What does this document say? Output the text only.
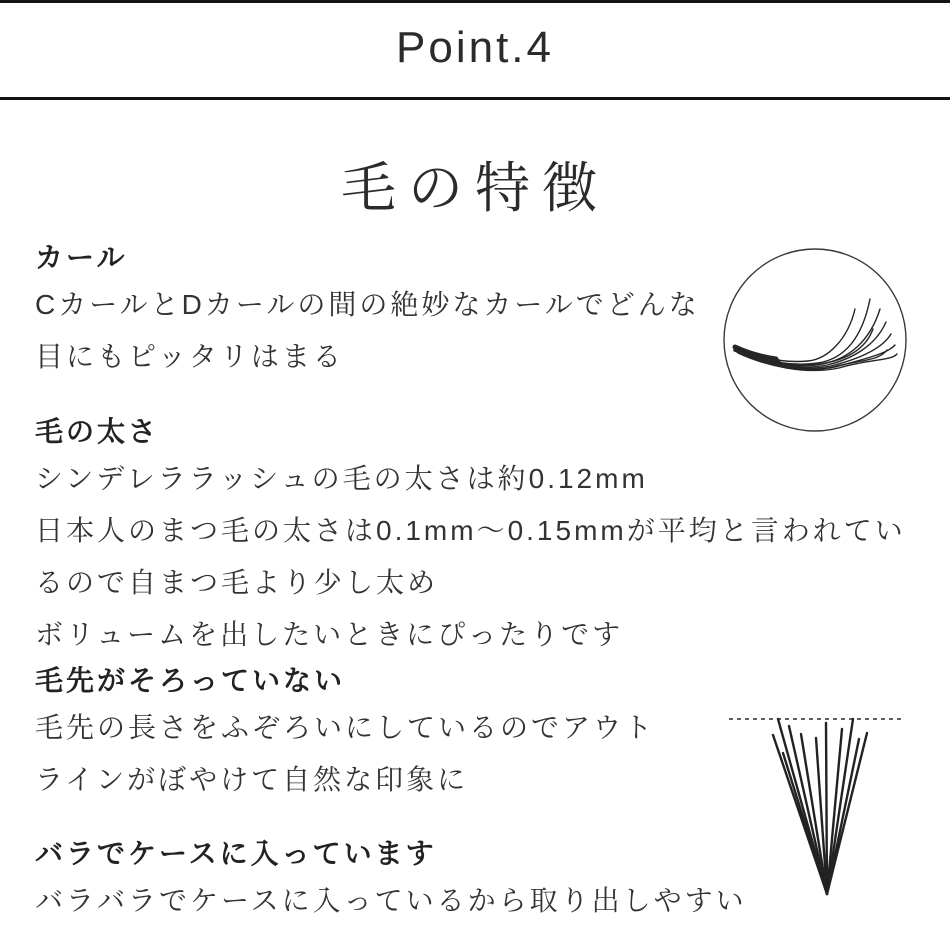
Point.4
毛の特徴
カール

CカールとDカールの間の絶妙なカールでどんな

目にもピッタリはまる

毛の太さ

シンデレララッシュの毛の太さは約0.12mm

日本人のまつ毛の太さは0.1mm〜0.15mmが平均と言われてい

るので自まつ毛より少し太め

ボリュームを出したいときにぴったりです

毛先がそろっていない

毛先の長さをふぞろいにしているのでアウト

ラインがぼやけて自然な印象に

バラでケースに入っています

バラバラでケースに入っているから取り出しやすい
